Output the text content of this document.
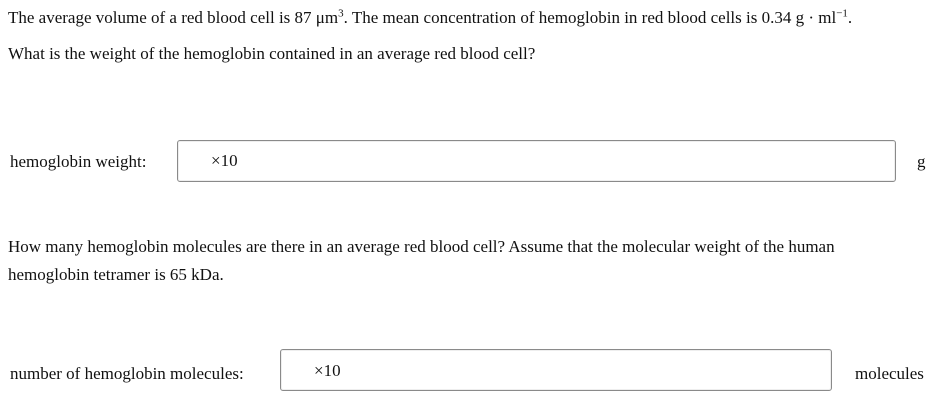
The average volume of a red blood cell is 87 $\mu m^3$. The mean concentration of hemoglobin in red blood cells is 0.34 $g \cdot ml^{-1}$.
What is the weight of the hemoglobin contained in an average red blood cell?
hemoglobin weight:	×10	g
How many hemoglobin molecules are there in an average red blood cell? Assume that the molecular weight of the human
hemoglobin tetramer is 65 kDa.
number of hemoglobin molecules:	×10	molecules
